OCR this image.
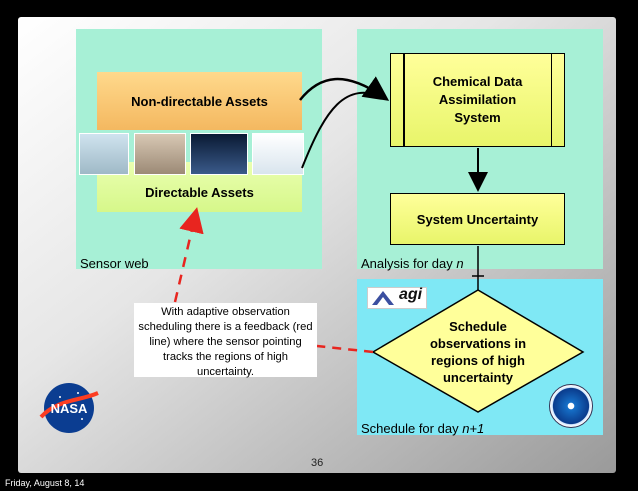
Non-directable Assets
Directable Assets
Chemical Data
Assimilation
System
System Uncertainty
Schedule
observations in
regions of high
uncertainty
With adaptive observation scheduling there is a feedback (red line) where the sensor pointing tracks the regions of high uncertainty.
Sensor web	Analysis for day n
Schedule for day n+1
agi
NASA
36
Friday, August 8, 14
